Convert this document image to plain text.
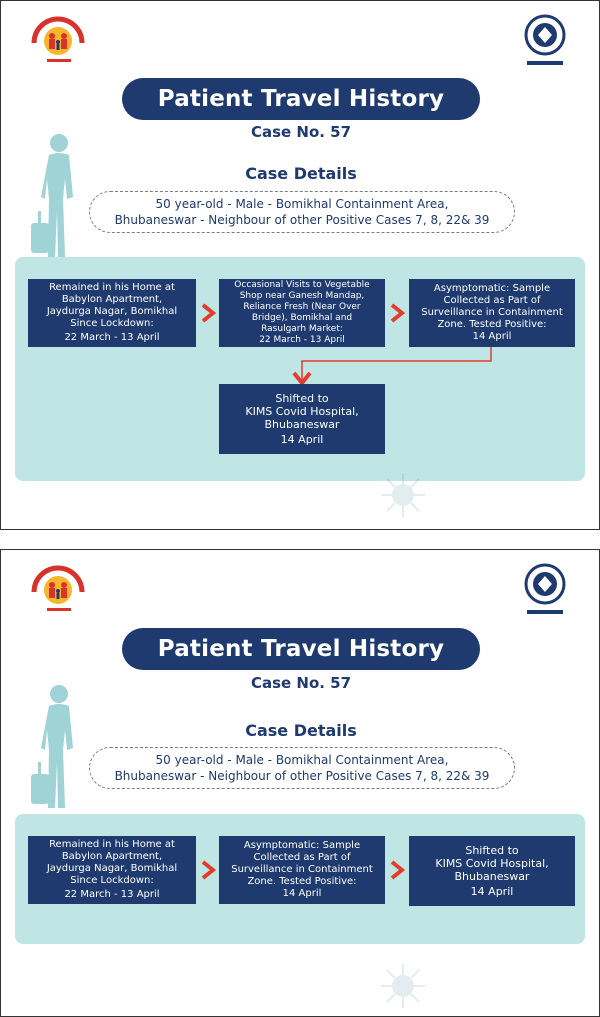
Patient Travel History
Case No. 57
Case Details
50 year-old - Male - Bomikhal Containment Area,
Bhubaneswar - Neighbour of other Positive Cases 7, 8, 22& 39
Remained in his Home at
Babylon Apartment,
Jaydurga Nagar, Bomikhal
Since Lockdown:
22 March - 13 April
Occasional Visits to Vegetable
Shop near Ganesh Mandap,
Reliance Fresh (Near Over
Bridge), Bomikhal and
Rasulgarh Market:
22 March - 13 April
Asymptomatic: Sample
Collected as Part of
Surveillance in Containment
Zone. Tested Positive:
14 April
Shifted to
KIMS Covid Hospital,
Bhubaneswar
14 April
Patient Travel History
Case No. 57
Case Details
50 year-old - Male - Bomikhal Containment Area,
Bhubaneswar - Neighbour of other Positive Cases 7, 8, 22& 39
Remained in his Home at
Babylon Apartment,
Jaydurga Nagar, Bomikhal
Since Lockdown:
22 March - 13 April
Asymptomatic: Sample
Collected as Part of
Surveillance in Containment
Zone. Tested Positive:
14 April
Shifted to
KIMS Covid Hospital,
Bhubaneswar
14 April
